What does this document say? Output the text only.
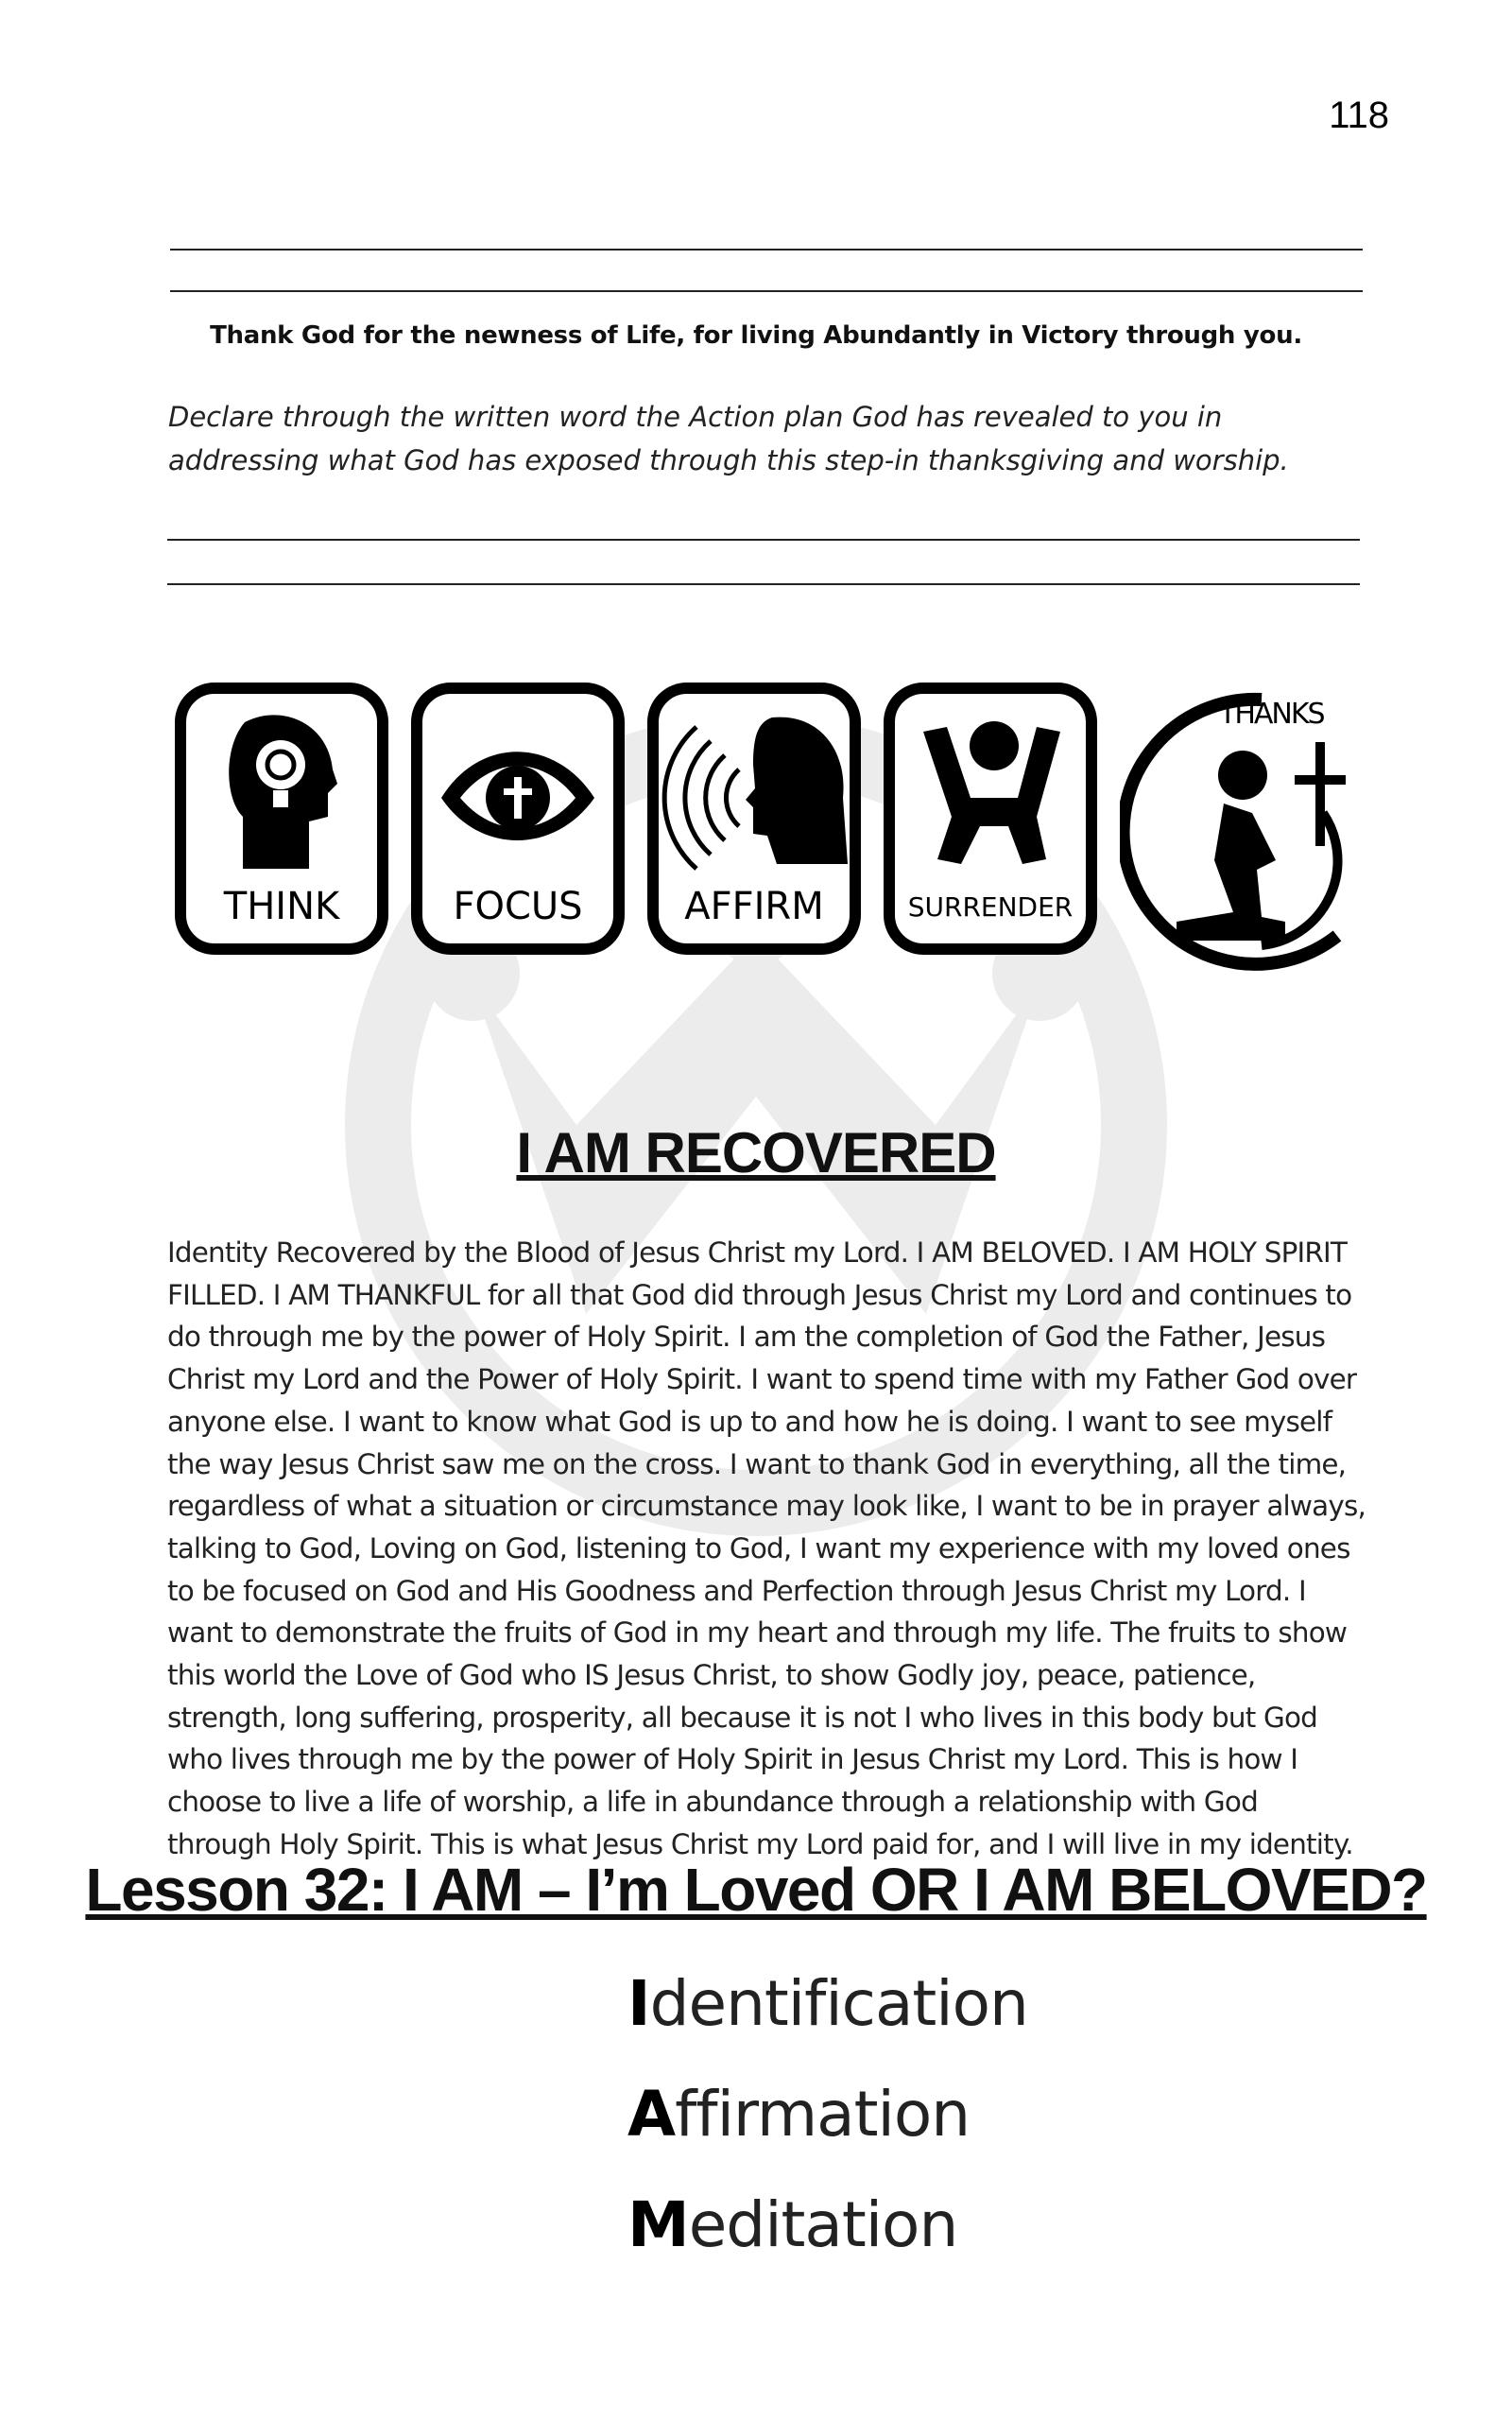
118
Thank God for the newness of Life, for living Abundantly in Victory through you.

Declare through the written word the Action plan God has revealed to you in addressing what God has exposed through this step-in thanksgiving and worship.

THINK	FOCUS	AFFIRM	SURRENDER
THANKS
I AM RECOVERED

Identity Recovered by the Blood of Jesus Christ my Lord. I AM BELOVED. I AM HOLY SPIRIT FILLED. I AM THANKFUL for all that God did through Jesus Christ my Lord and continues to do through me by the power of Holy Spirit. I am the completion of God the Father, Jesus Christ my Lord and the Power of Holy Spirit. I want to spend time with my Father God over anyone else. I want to know what God is up to and how he is doing. I want to see myself the way Jesus Christ saw me on the cross. I want to thank God in everything, all the time, regardless of what a situation or circumstance may look like, I want to be in prayer always, talking to God, Loving on God, listening to God, I want my experience with my loved ones to be focused on God and His Goodness and Perfection through Jesus Christ my Lord. I want to demonstrate the fruits of God in my heart and through my life. The fruits to show this world the Love of God who IS Jesus Christ, to show Godly joy, peace, patience, strength, long suffering, prosperity, all because it is not I who lives in this body but God who lives through me by the power of Holy Spirit in Jesus Christ my Lord. This is how I choose to live a life of worship, a life in abundance through a relationship with God through Holy Spirit. This is what Jesus Christ my Lord paid for, and I will live in my identity.

Lesson 32: I AM – I’m Loved OR I AM BELOVED?
Identification
Affirmation
Meditation
